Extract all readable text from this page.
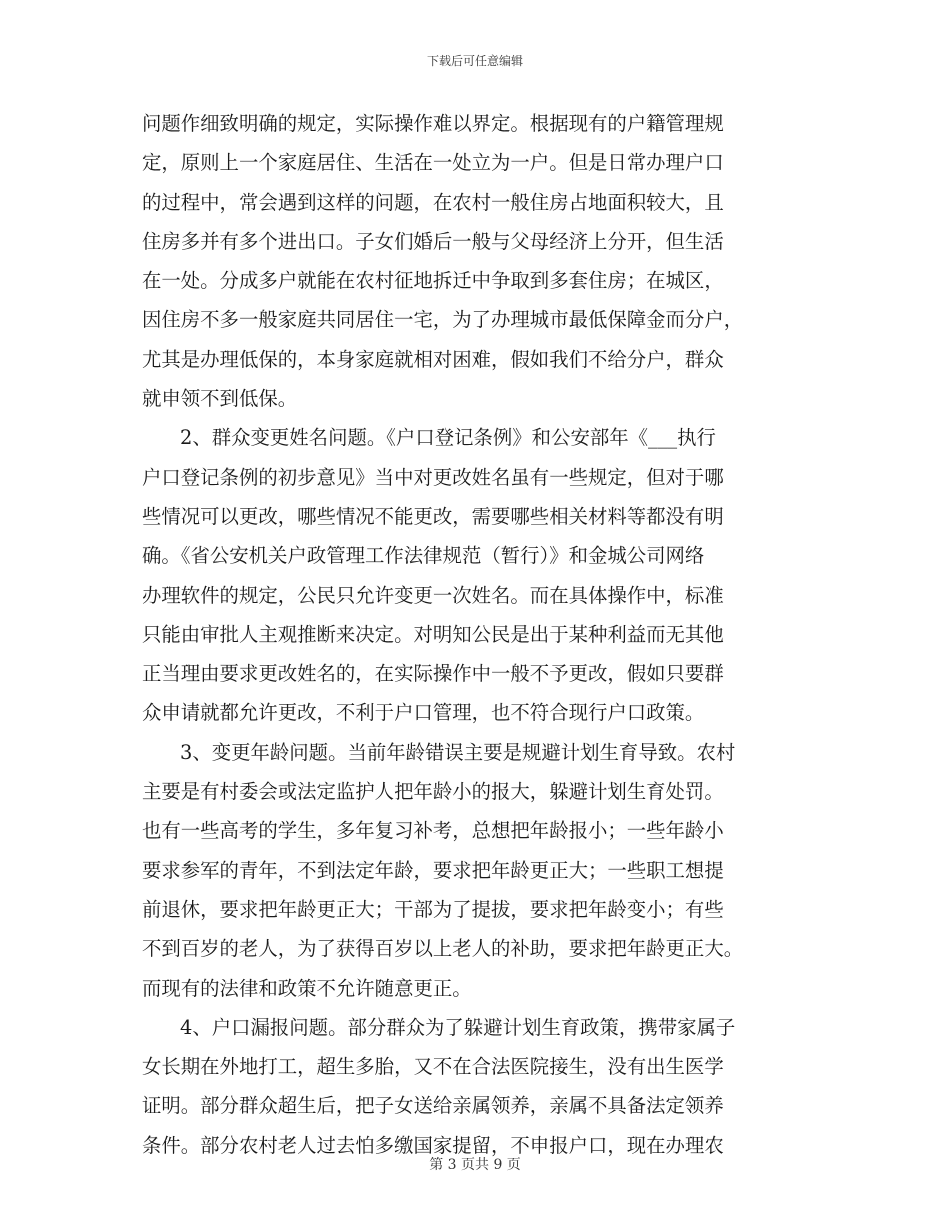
下载后可任意编辑
问题作细致明确的规定，实际操作难以界定。根据现有的户籍管理规
定，原则上一个家庭居住、生活在一处立为一户。但是日常办理户口
的过程中，常会遇到这样的问题，在农村一般住房占地面积较大，且
住房多并有多个进出口。子女们婚后一般与父母经济上分开，但生活
在一处。分成多户就能在农村征地拆迁中争取到多套住房；在城区，
因住房不多一般家庭共同居住一宅，为了办理城市最低保障金而分户，
尤其是办理低保的，本身家庭就相对困难，假如我们不给分户，群众
就申领不到低保。
2、群众变更姓名问题。《户口登记条例》和公安部年《___执行
户口登记条例的初步意见》当中对更改姓名虽有一些规定，但对于哪
些情况可以更改，哪些情况不能更改，需要哪些相关材料等都没有明
确。《省公安机关户政管理工作法律规范（暂行）》和金城公司网络
办理软件的规定，公民只允许变更一次姓名。而在具体操作中，标准
只能由审批人主观推断来决定。对明知公民是出于某种利益而无其他
正当理由要求更改姓名的，在实际操作中一般不予更改，假如只要群
众申请就都允许更改，不利于户口管理，也不符合现行户口政策。
3、变更年龄问题。当前年龄错误主要是规避计划生育导致。农村
主要是有村委会或法定监护人把年龄小的报大，躲避计划生育处罚。
也有一些高考的学生，多年复习补考，总想把年龄报小；一些年龄小
要求参军的青年，不到法定年龄，要求把年龄更正大；一些职工想提
前退休，要求把年龄更正大；干部为了提拔，要求把年龄变小；有些
不到百岁的老人，为了获得百岁以上老人的补助，要求把年龄更正大。
而现有的法律和政策不允许随意更正。
4、户口漏报问题。部分群众为了躲避计划生育政策，携带家属子
女长期在外地打工，超生多胎，又不在合法医院接生，没有出生医学
证明。部分群众超生后，把子女送给亲属领养，亲属不具备法定领养
条件。部分农村老人过去怕多缴国家提留，不申报户口，现在办理农
第 3 页共 9 页
